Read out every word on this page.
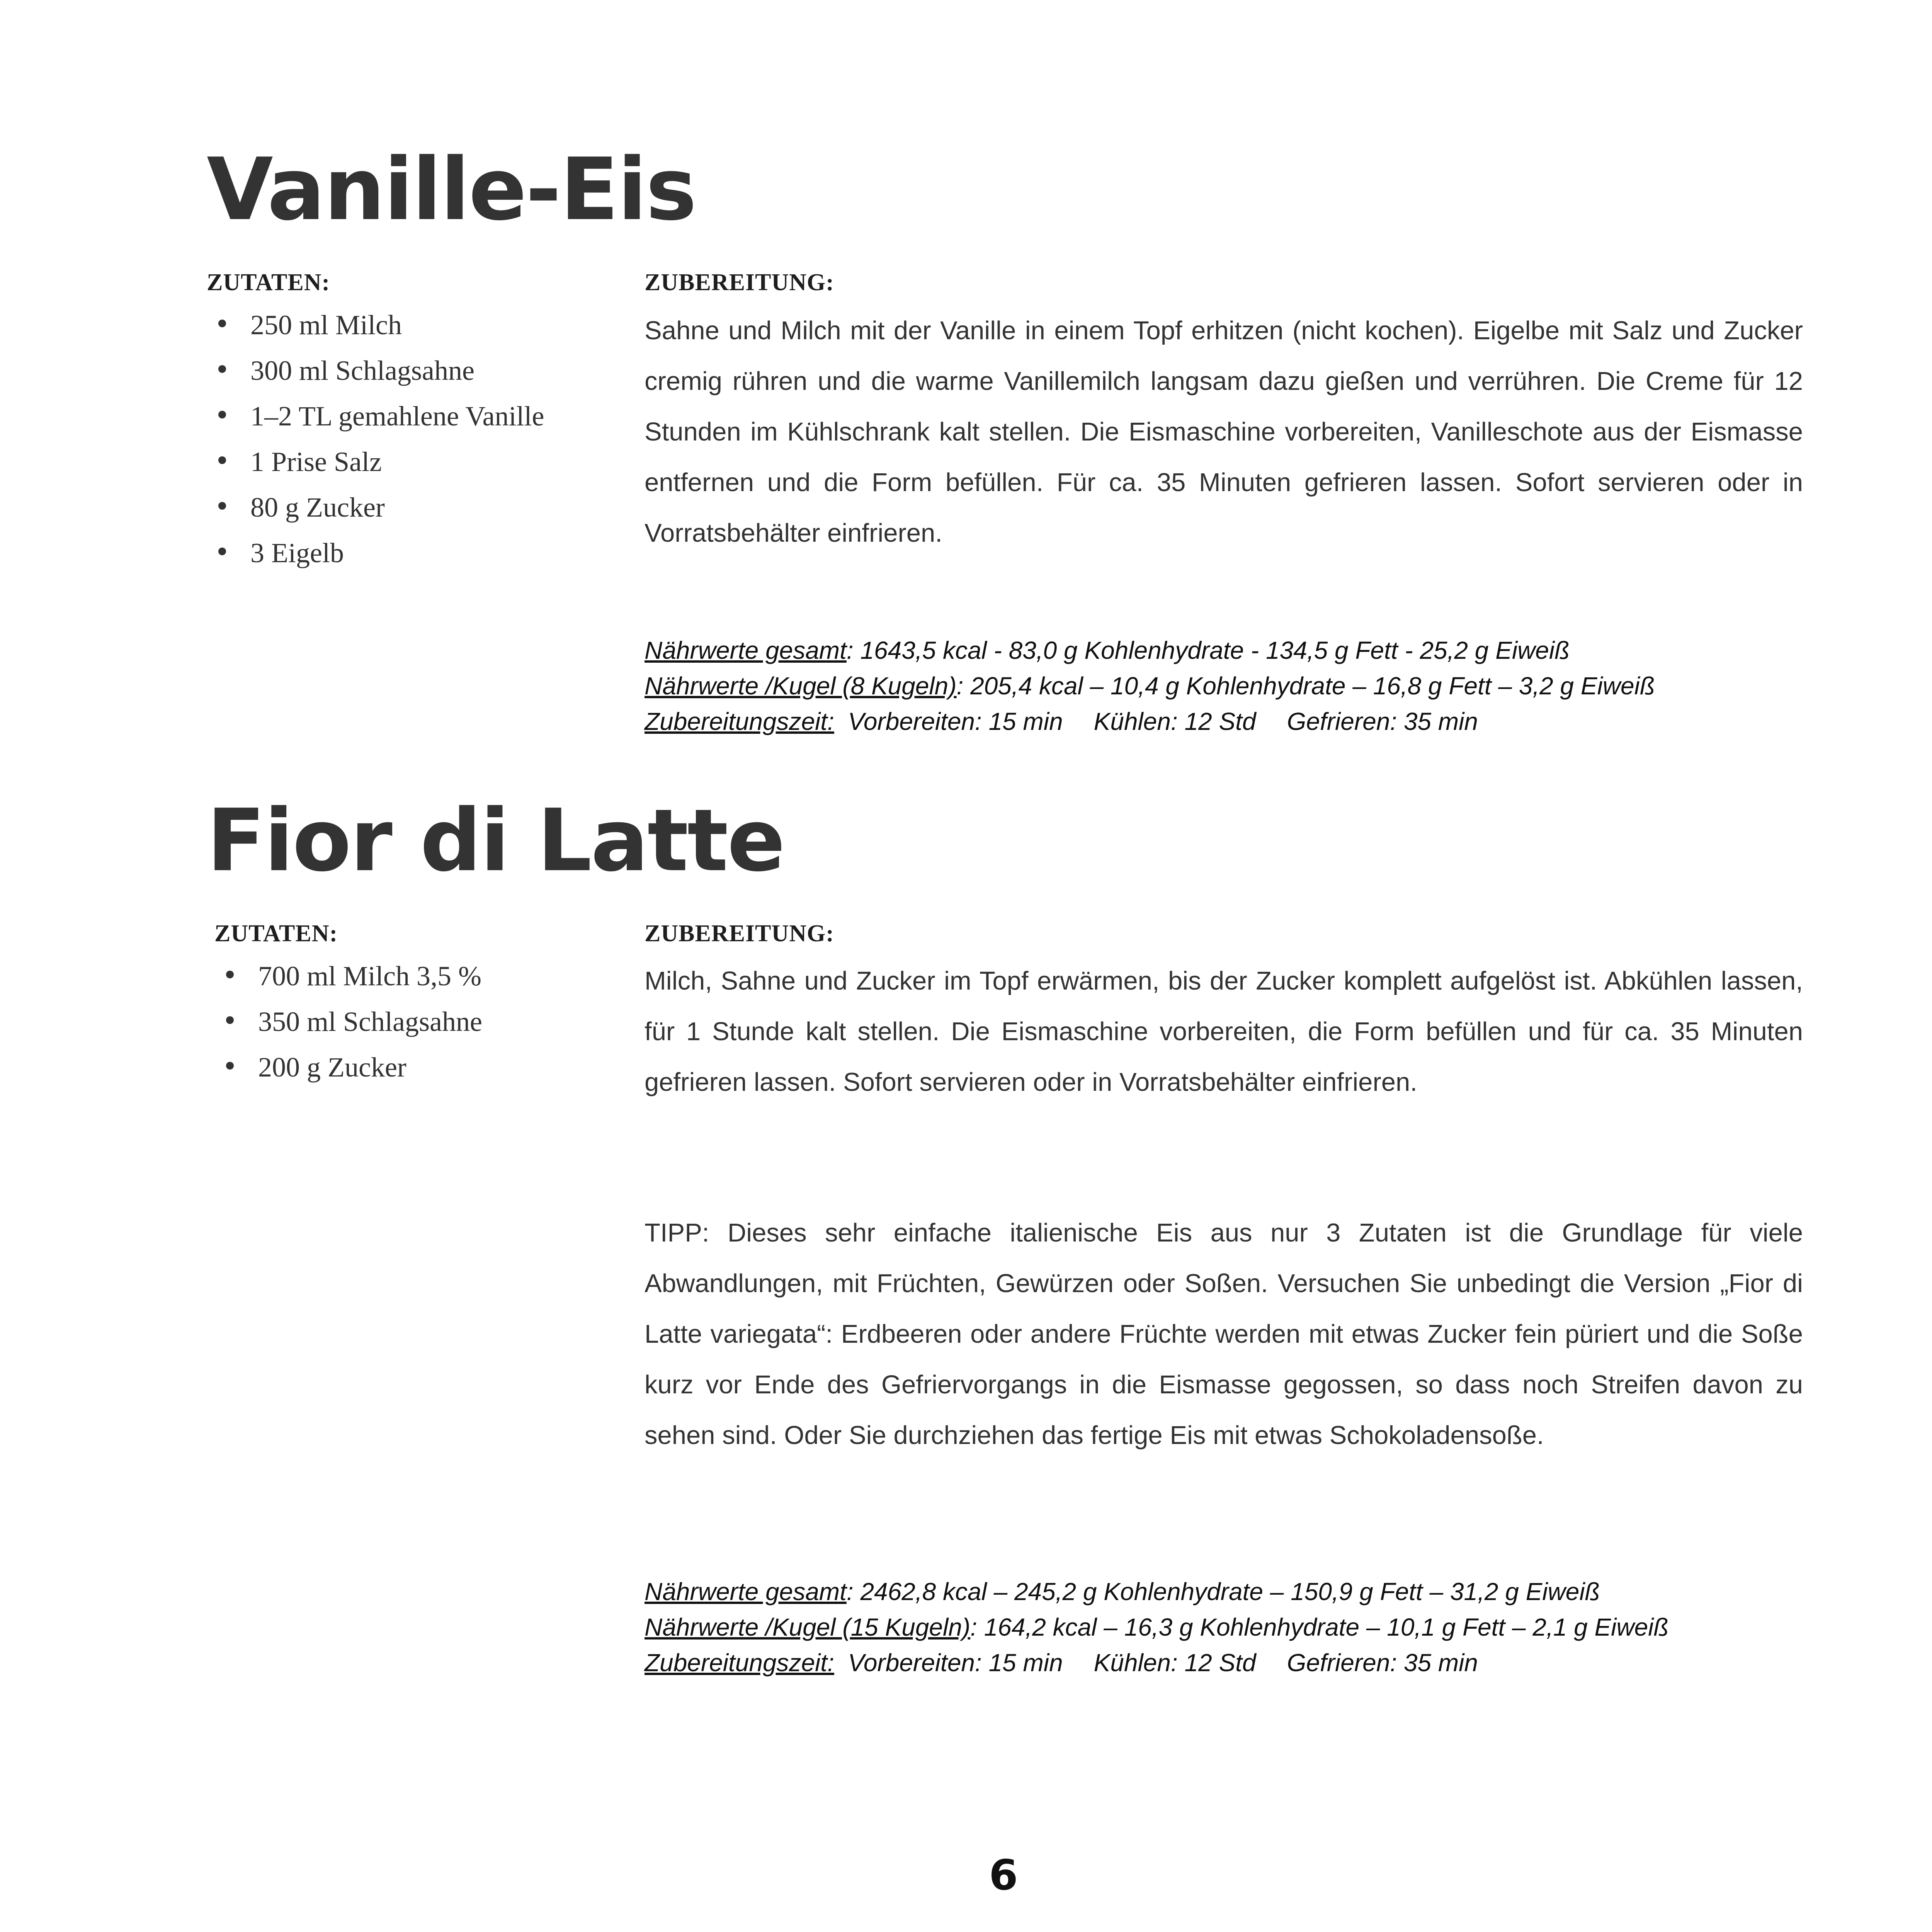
Vanille-Eis
ZUTATEN:
250 ml Milch
300 ml Schlagsahne
1–2 TL gemahlene Vanille
1 Prise Salz
80 g Zucker
3 Eigelb
ZUBEREITUNG:

Sahne und Milch mit der Vanille in einem Topf erhitzen (nicht kochen). Eigelbe mit Salz und Zucker cremig rühren und die warme Vanillemilch langsam dazu gießen und verrühren. Die Creme für 12 Stunden im Kühlschrank kalt stellen. Die Eismaschine vorbereiten, Vanilleschote aus der Eismasse entfernen und die Form befüllen. Für ca. 35 Minuten gefrieren lassen. Sofort servieren oder in Vorratsbehälter einfrieren.

Nährwerte gesamt: 1643,5 kcal - 83,0 g Kohlenhydrate - 134,5 g Fett - 25,2 g Eiweiß
Nährwerte /Kugel (8 Kugeln): 205,4 kcal – 10,4 g Kohlenhydrate – 16,8 g Fett – 3,2 g Eiweiß
Zubereitungszeit: Vorbereiten: 15 min Kühlen: 12 Std Gefrieren: 35 min
Fior di Latte
ZUTATEN:
700 ml Milch 3,5 %
350 ml Schlagsahne
200 g Zucker
ZUBEREITUNG:

Milch, Sahne und Zucker im Topf erwärmen, bis der Zucker komplett aufgelöst ist. Abkühlen lassen, für 1 Stunde kalt stellen. Die Eismaschine vorbereiten, die Form befüllen und für ca. 35 Minuten gefrieren lassen. Sofort servieren oder in Vorratsbehälter einfrieren.

TIPP: Dieses sehr einfache italienische Eis aus nur 3 Zutaten ist die Grundlage für viele Abwandlungen, mit Früchten, Gewürzen oder Soßen. Versuchen Sie unbedingt die Version „Fior di Latte variegata“: Erdbeeren oder andere Früchte werden mit etwas Zucker fein püriert und die Soße kurz vor Ende des Gefriervorgangs in die Eismasse gegossen, so dass noch Streifen davon zu sehen sind. Oder Sie durchziehen das fertige Eis mit etwas Schokoladensoße.

Nährwerte gesamt: 2462,8 kcal – 245,2 g Kohlenhydrate – 150,9 g Fett – 31,2 g Eiweiß
Nährwerte /Kugel (15 Kugeln): 164,2 kcal – 16,3 g Kohlenhydrate – 10,1 g Fett – 2,1 g Eiweiß
Zubereitungszeit: Vorbereiten: 15 min Kühlen: 12 Std Gefrieren: 35 min
6
